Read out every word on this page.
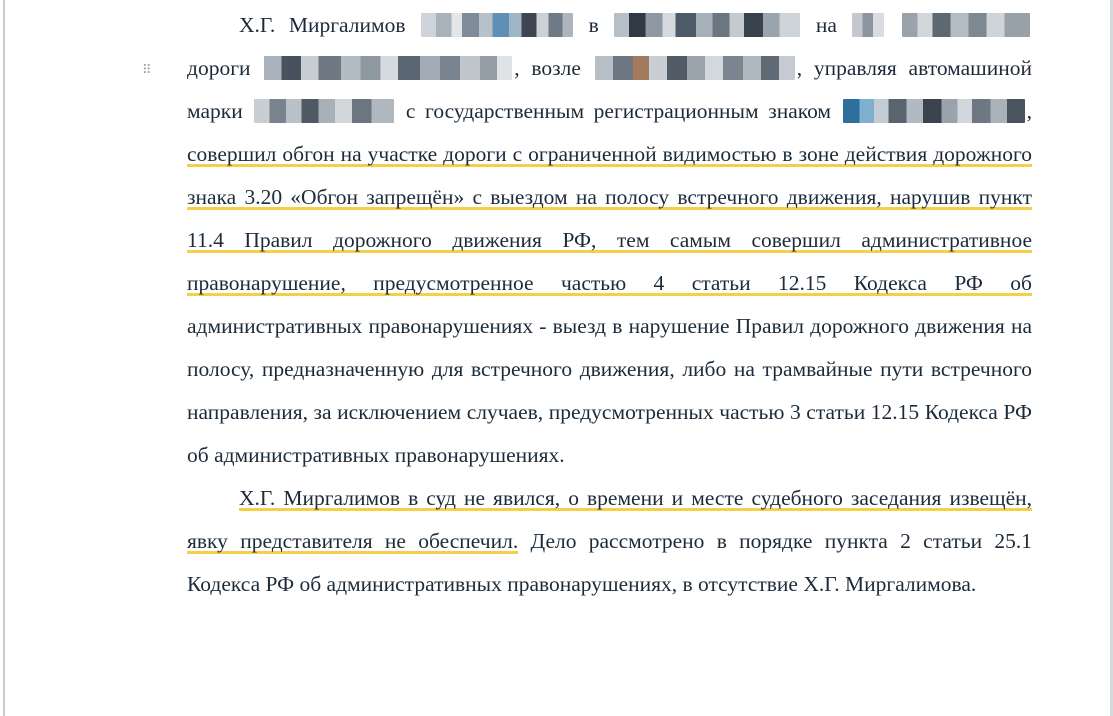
⠿

Х.Г. Миргалимов	в	на   дороги	, возле	, управляя автомашиной марки	с государственным регистрационным знаком	, совершил обгон на участке дороги с ограниченной видимостью в зоне действия дорожного знака 3.20 «Обгон запрещён» с выездом на полосу встречного движения, нарушив пункт 11.4 Правил дорожного движения РФ, тем самым совершил административное правонарушение, предусмотренное частью 4 статьи 12.15 Кодекса РФ об административных правонарушениях - выезд в нарушение Правил дорожного движения на полосу, предназначенную для встречного движения, либо на трамвайные пути встречного направления, за исключением случаев, предусмотренных частью 3 статьи 12.15 Кодекса РФ об административных правонарушениях.

Х.Г. Миргалимов в суд не явился, о времени и месте судебного заседания извещён, явку представителя не обеспечил. Дело рассмотрено в порядке пункта 2 статьи 25.1 Кодекса РФ об административных правонарушениях, в отсутствие Х.Г. Миргалимова.
